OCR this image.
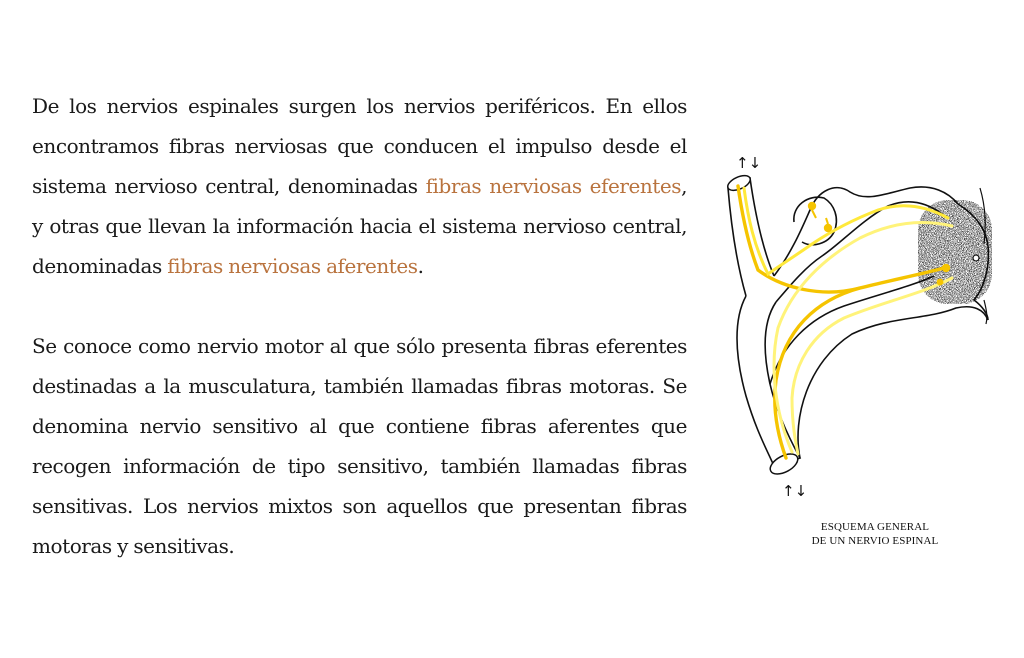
De los nervios espinales surgen los nervios periféricos. En ellos encontramos fibras nerviosas que conducen el impulso desde el sistema nervioso central, denominadas fibras nerviosas eferentes, y otras que llevan la información hacia el sistema nervioso central, denominadas fibras nerviosas aferentes.

Se conoce como nervio motor al que sólo presenta fibras eferentes destinadas a la musculatura, también llamadas fibras motoras. Se denomina nervio sensitivo al que contiene fibras aferentes que recogen información de tipo sensitivo, también llamadas fibras sensitivas. Los nervios mixtos son aquellos que presentan fibras motoras y sensitivas.

↑↓
↑↓
ESQUEMA GENERAL
DE UN NERVIO ESPINAL
